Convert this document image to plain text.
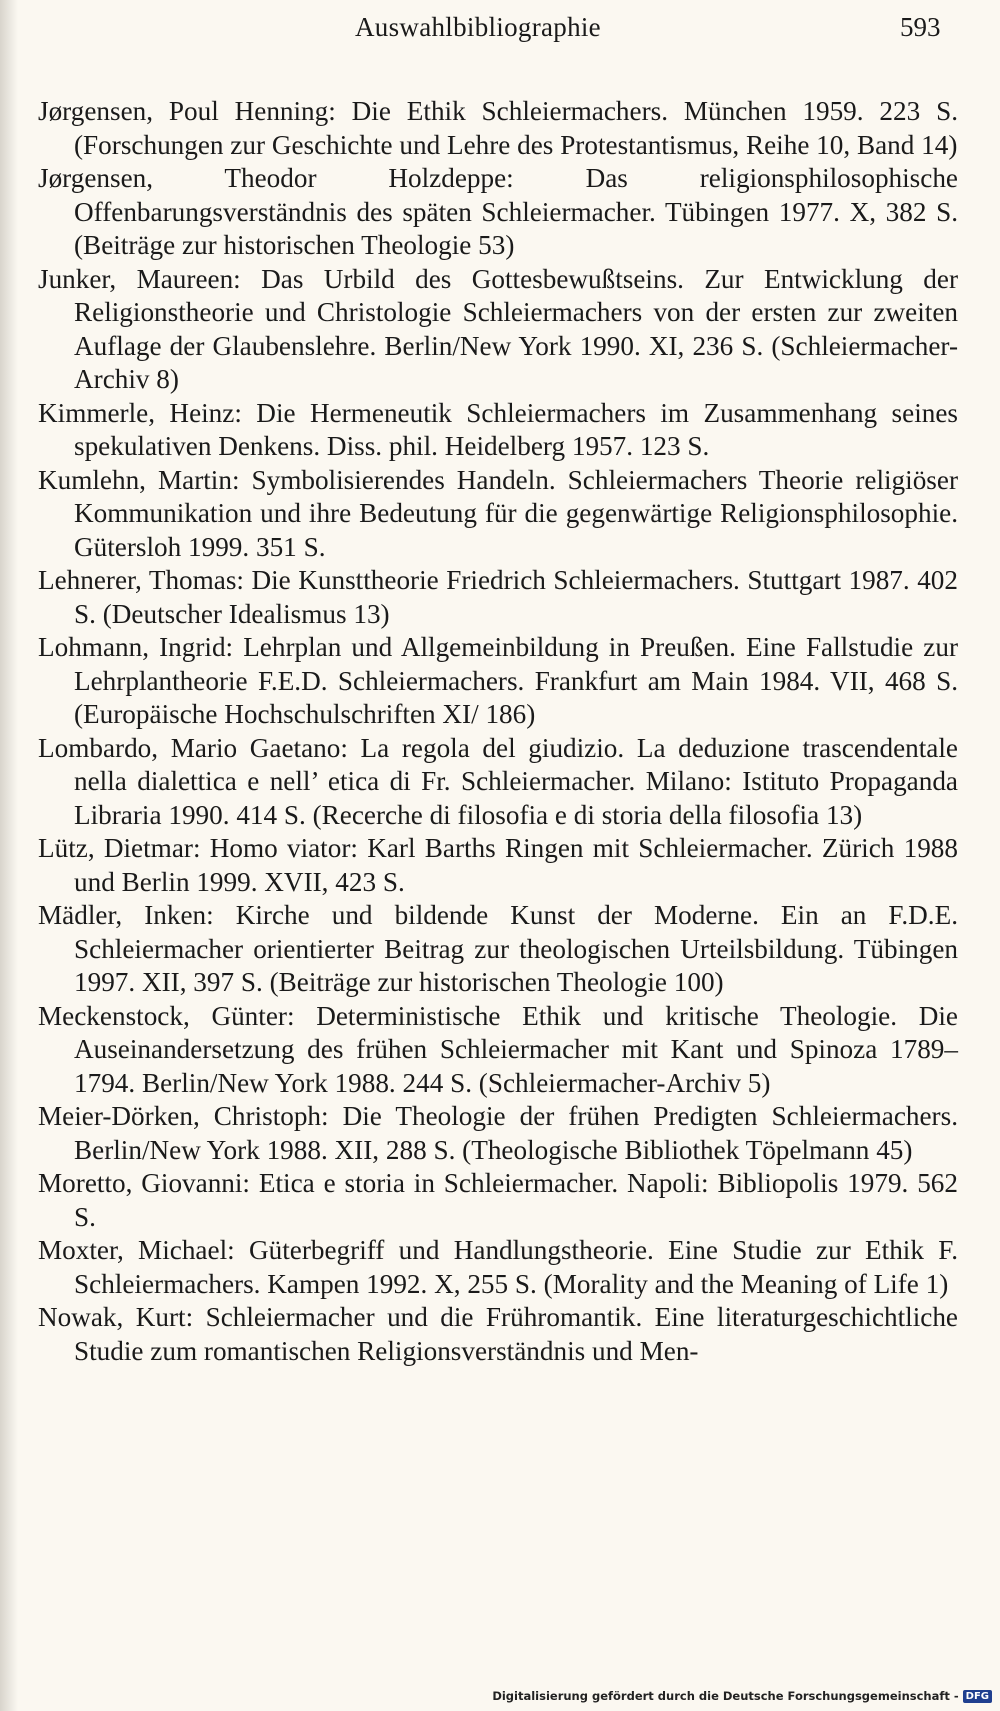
Auswahlbibliographie	593
Jørgensen, Poul Henning: Die Ethik Schleiermachers. München 1959. 223 S. (Forschungen zur Geschichte und Lehre des Protestantismus, Reihe 10, Band 14)
Jørgensen, Theodor Holzdeppe: Das religionsphilosophische Offenbarungsverständnis des späten Schleiermacher. Tübingen 1977. X, 382 S. (Beiträge zur historischen Theologie 53)
Junker, Maureen: Das Urbild des Gottesbewußtseins. Zur Entwicklung der Religionstheorie und Christologie Schleiermachers von der ersten zur zweiten Auflage der Glaubenslehre. Berlin/New York 1990. XI, 236 S. (Schleiermacher-Archiv 8)
Kimmerle, Heinz: Die Hermeneutik Schleiermachers im Zusammenhang seines spekulativen Denkens. Diss. phil. Heidelberg 1957. 123 S.
Kumlehn, Martin: Symbolisierendes Handeln. Schleiermachers Theorie religiöser Kommunikation und ihre Bedeutung für die gegenwärtige Religionsphilosophie. Gütersloh 1999. 351 S.
Lehnerer, Thomas: Die Kunsttheorie Friedrich Schleiermachers. Stuttgart 1987. 402 S. (Deutscher Idealismus 13)
Lohmann, Ingrid: Lehrplan und Allgemeinbildung in Preußen. Eine Fallstudie zur Lehrplantheorie F.E.D. Schleiermachers. Frankfurt am Main 1984. VII, 468 S. (Europäische Hochschulschriften XI/ 186)
Lombardo, Mario Gaetano: La regola del giudizio. La deduzione trascendentale nella dialettica e nell’ etica di Fr. Schleiermacher. Milano: Istituto Propaganda Libraria 1990. 414 S. (Recerche di filosofia e di storia della filosofia 13)
Lütz, Dietmar: Homo viator: Karl Barths Ringen mit Schleiermacher. Zürich 1988 und Berlin 1999. XVII, 423 S.
Mädler, Inken: Kirche und bildende Kunst der Moderne. Ein an F.D.E. Schleiermacher orientierter Beitrag zur theologischen Urteilsbildung. Tübingen 1997. XII, 397 S. (Beiträge zur historischen Theologie 100)
Meckenstock, Günter: Deterministische Ethik und kritische Theologie. Die Auseinandersetzung des frühen Schleiermacher mit Kant und Spinoza 1789–1794. Berlin/New York 1988. 244 S. (Schleiermacher-Archiv 5)
Meier-Dörken, Christoph: Die Theologie der frühen Predigten Schleiermachers. Berlin/New York 1988. XII, 288 S. (Theologische Bibliothek Töpelmann 45)
Moretto, Giovanni: Etica e storia in Schleiermacher. Napoli: Bibliopolis 1979. 562 S.
Moxter, Michael: Güterbegriff und Handlungstheorie. Eine Studie zur Ethik F. Schleiermachers. Kampen 1992. X, 255 S. (Morality and the Meaning of Life 1)
Nowak, Kurt: Schleiermacher und die Frühromantik. Eine literaturgeschichtliche Studie zum romantischen Religionsverständnis und Men-
Digitalisierung gefördert durch die Deutsche Forschungsgemeinschaft - DFG
